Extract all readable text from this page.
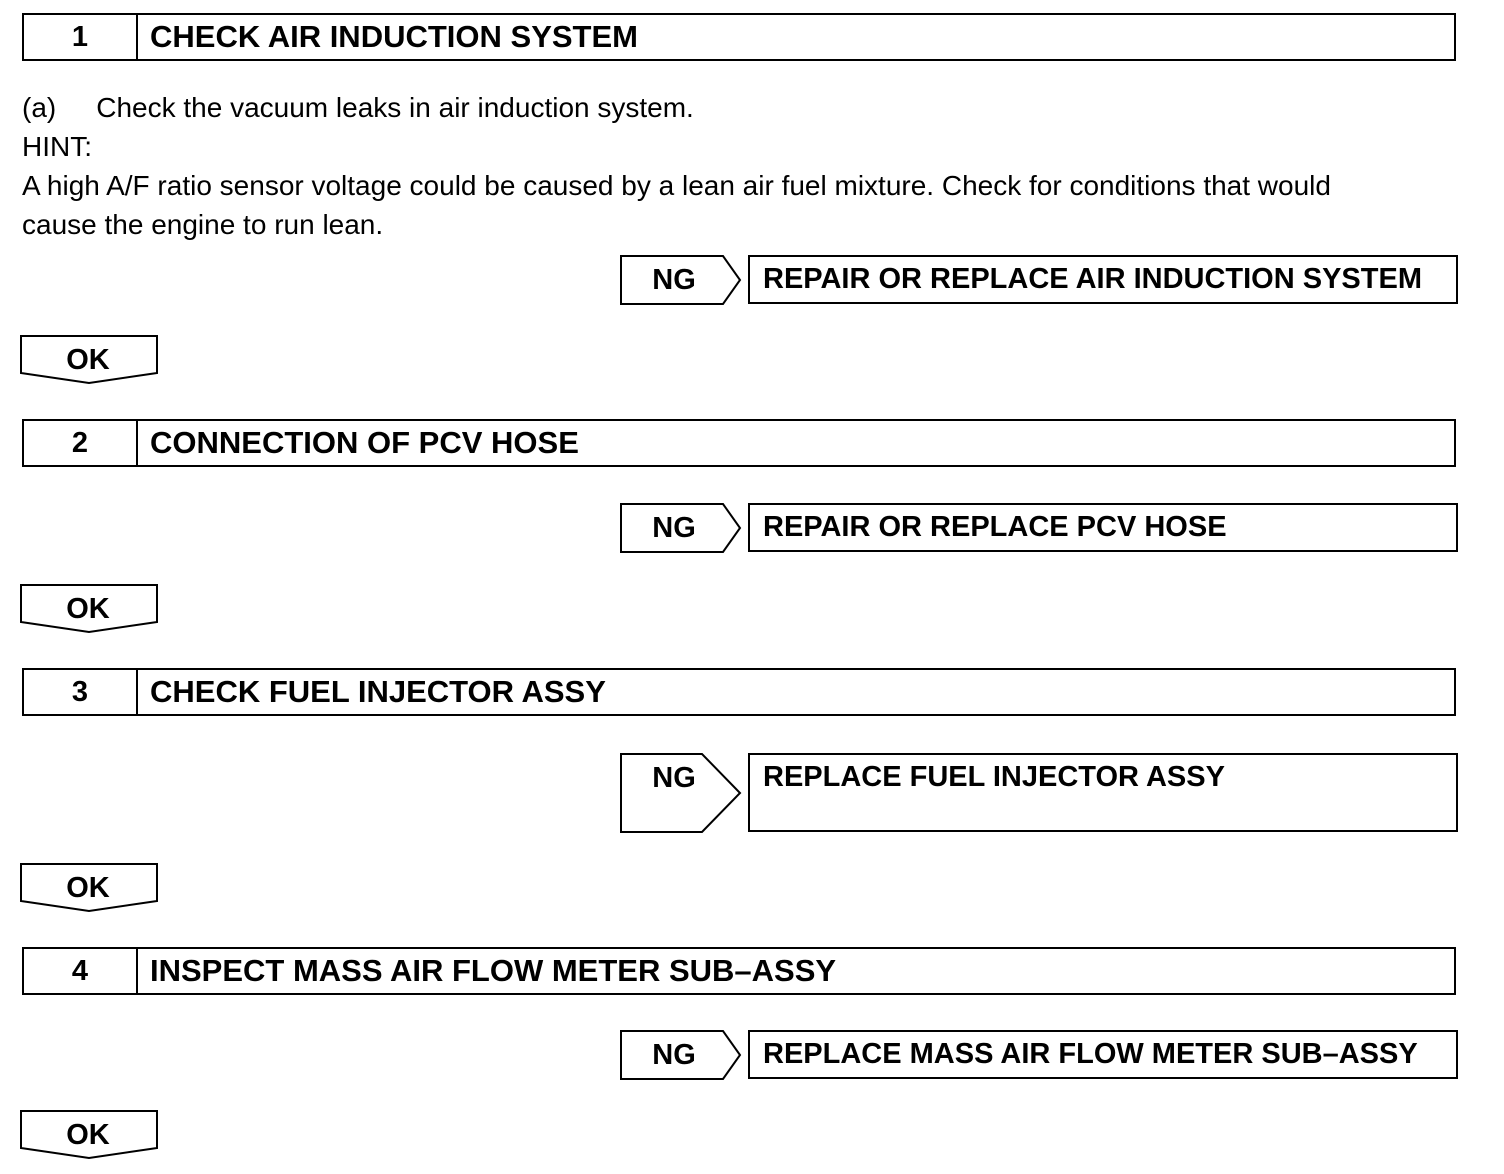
1	CHECK AIR INDUCTION SYSTEM
(a) Check the vacuum leaks in air induction system.
HINT:
A high A/F ratio sensor voltage could be caused by a lean air fuel mixture. Check for conditions that would
cause the engine to run lean.
NG	REPAIR OR REPLACE AIR INDUCTION SYSTEM
OK
2	CONNECTION OF PCV HOSE
NG	REPAIR OR REPLACE PCV HOSE
OK
3	CHECK FUEL INJECTOR ASSY
NG	REPLACE FUEL INJECTOR ASSY
OK
4	INSPECT MASS AIR FLOW METER SUB–ASSY
NG	REPLACE MASS AIR FLOW METER SUB–ASSY
OK
